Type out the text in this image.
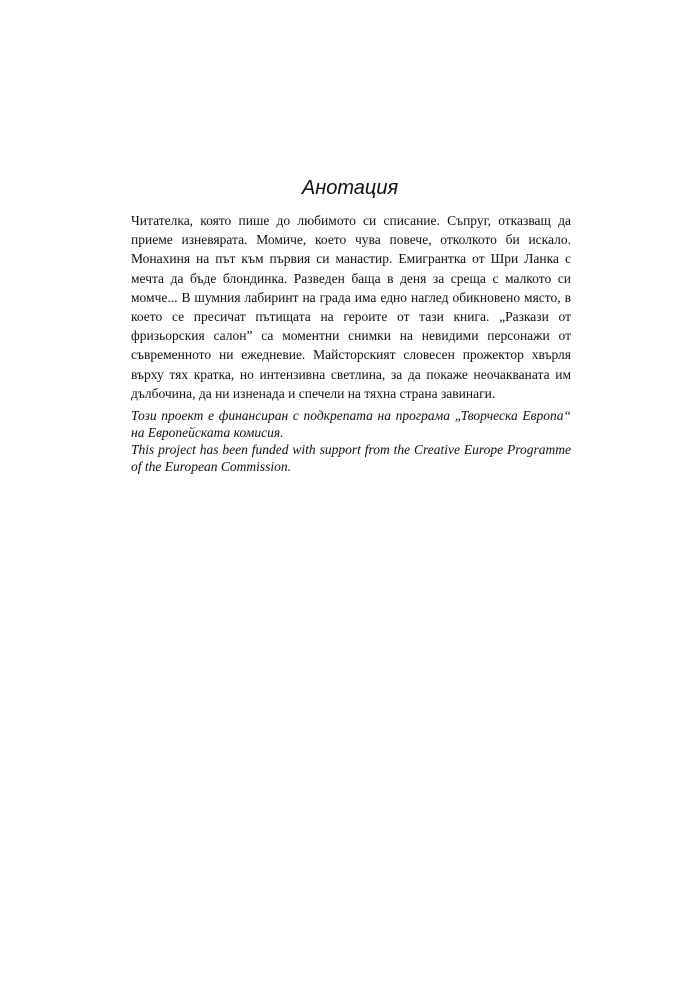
Анотация

Читателка, която пише до любимото си списание. Съпруг, отказващ да приеме изневярата. Момиче, което чува повече, отколкото би искало. Монахиня на път към първия си манастир. Емигрантка от Шри Ланка с мечта да бъде блондинка. Разведен баща в деня за среща с малкото си момче... В шумния лабиринт на града има едно наглед обикновено място, в което се пресичат пътищата на героите от тази книга. „Разкази от фризьорския салон” са моментни снимки на невидими персонажи от съвременното ни ежедневие. Майсторският словесен прожектор хвърля върху тях кратка, но интензивна светлина, за да покаже неочакваната им дълбочина, да ни изненада и спечели на тяхна страна завинаги.

Този проект е финансиран с подкрепата на програма „Творческа Европа“ на Европейската комисия.

This project has been funded with support from the Creative Europe Programme of the European Commission.
